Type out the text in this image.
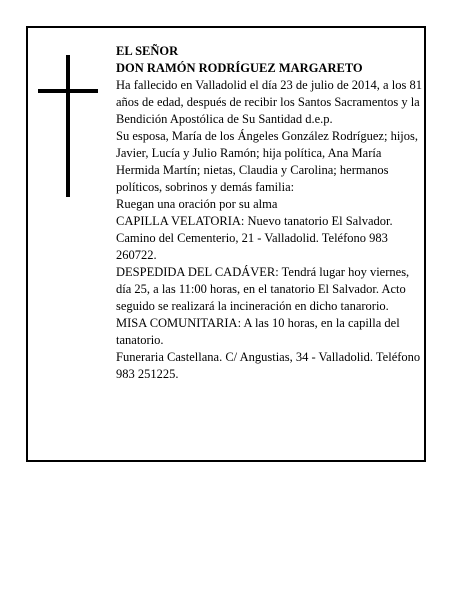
EL SEÑOR

DON RAMÓN RODRÍGUEZ MARGARETO

Ha fallecido en Valladolid el día 23 de julio de 2014, a los 81 años de edad, después de recibir los Santos Sacramentos y la Bendición Apostólica de Su Santidad d.e.p.

Su esposa, María de los Ángeles González Rodríguez; hijos, Javier, Lucía y Julio Ramón; hija política, Ana María Hermida Martín; nietas, Claudia y Carolina; hermanos políticos, sobrinos y demás familia:

Ruegan una oración por su alma

CAPILLA VELATORIA: Nuevo tanatorio El Salvador. Camino del Cementerio, 21 - Valladolid. Teléfono 983 260722.

DESPEDIDA DEL CADÁVER: Tendrá lugar hoy viernes, día 25, a las 11:00 horas, en el tanatorio El Salvador. Acto seguido se realizará la incineración en dicho tanarorio.

MISA COMUNITARIA: A las 10 horas, en la capilla del tanatorio.

Funeraria Castellana. C/ Angustias, 34 - Valladolid. Teléfono 983 251225.
